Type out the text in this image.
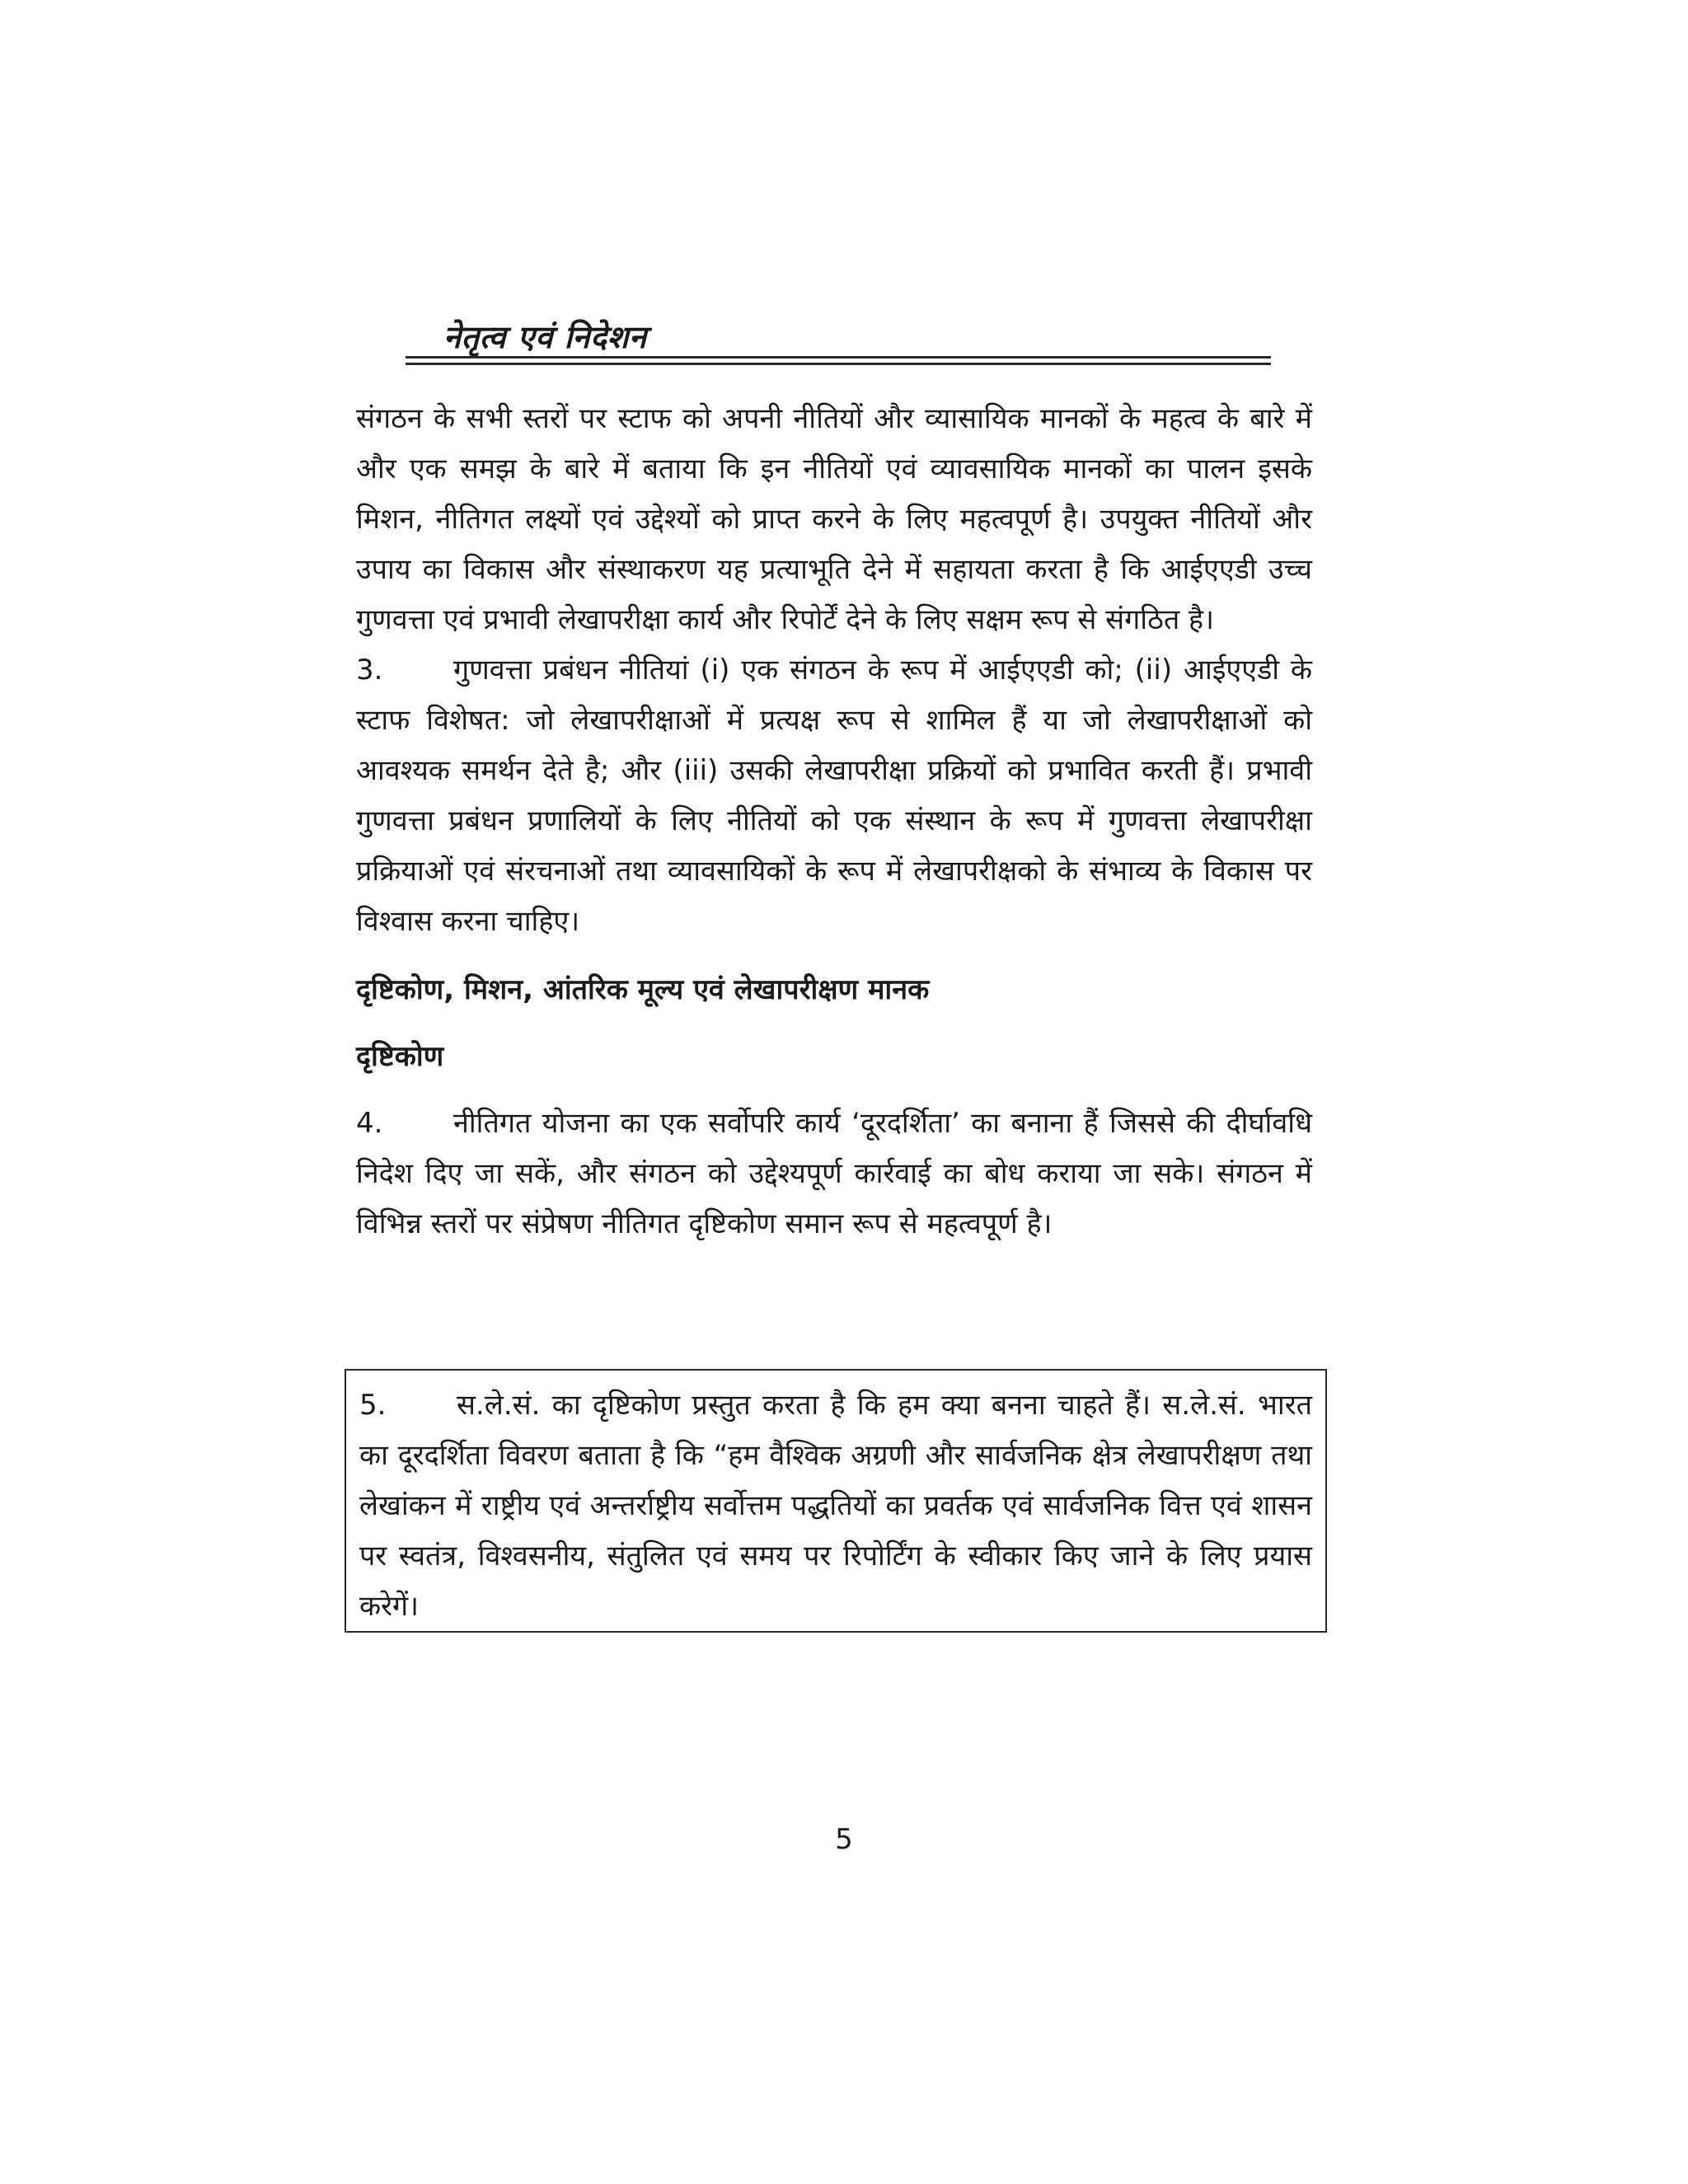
नेतृत्व एवं निदेशन

संगठन के सभी स्तरों पर स्टाफ को अपनी नीतियों और व्यासायिक मानकों के महत्व के बारे में और एक समझ के बारे में बताया कि इन नीतियों एवं व्यावसायिक मानकों का पालन इसके मिशन, नीतिगत लक्ष्यों एवं उद्देश्यों को प्राप्त करने के लिए महत्वपूर्ण है। उपयुक्त नीतियों और उपाय का विकास और संस्थाकरण यह प्रत्याभूति देने में सहायता करता है कि आईएएडी उच्च गुणवत्ता एवं प्रभावी लेखापरीक्षा कार्य और रिपोर्टें देने के लिए सक्षम रूप से संगठित है।

3.	गुणवत्ता प्रबंधन नीतियां (i) एक संगठन के रूप में आईएएडी को; (ii) आईएएडी के स्टाफ विशेषत: जो लेखापरीक्षाओं में प्रत्यक्ष रूप से शामिल हैं या जो लेखापरीक्षाओं को आवश्यक समर्थन देते है; और (iii) उसकी लेखापरीक्षा प्रक्रियों को प्रभावित करती हैं। प्रभावी गुणवत्ता प्रबंधन प्रणालियों के लिए नीतियों को एक संस्थान के रूप में गुणवत्ता लेखापरीक्षा प्रक्रियाओं एवं संरचनाओं तथा व्यावसायिकों के रूप में लेखापरीक्षको के संभाव्य के विकास पर विश्वास करना चाहिए।

दृष्टिकोण, मिशन, आंतरिक मूल्य एवं लेखापरीक्षण मानक

दृष्टिकोण

4.	नीतिगत योजना का एक सर्वोपरि कार्य ‘दूरदर्शिता’ का बनाना हैं जिससे की दीर्घावधि निदेश दिए जा सकें, और संगठन को उद्देश्यपूर्ण कार्रवाई का बोध कराया जा सके। संगठन में विभिन्न स्तरों पर संप्रेषण नीतिगत दृष्टिकोण समान रूप से महत्वपूर्ण है।

5.	स.ले.सं. का दृष्टिकोण प्रस्तुत करता है कि हम क्या बनना चाहते हैं। स.ले.सं. भारत का दूरदर्शिता विवरण बताता है कि “हम वैश्विक अग्रणी और सार्वजनिक क्षेत्र लेखापरीक्षण तथा लेखांकन में राष्ट्रीय एवं अन्तर्राष्ट्रीय सर्वोत्तम पद्धतियों का प्रवर्तक एवं सार्वजनिक वित्त एवं शासन पर स्वतंत्र, विश्वसनीय, संतुलित एवं समय पर रिपोर्टिंग के स्वीकार किए जाने के लिए प्रयास करेगें।

5
